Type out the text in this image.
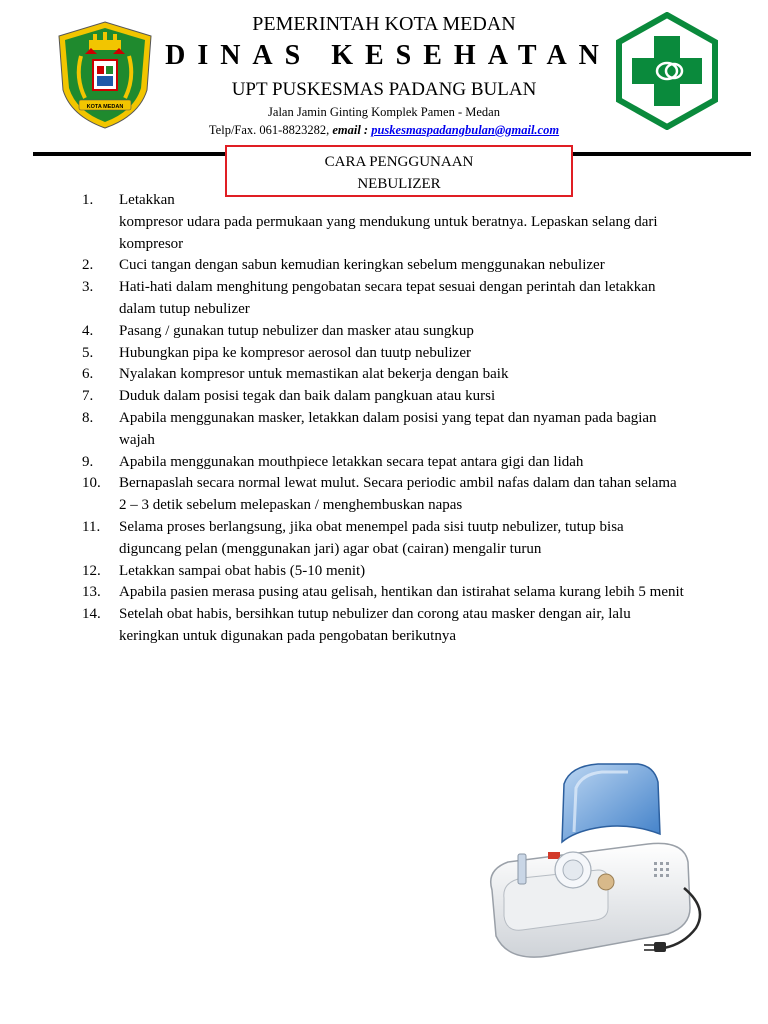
KOTA MEDAN
PEMERINTAH KOTA MEDAN
DINAS KESEHATAN
UPT PUSKESMAS PADANG BULAN
Jalan Jamin Ginting Komplek Pamen - Medan
Telp/Fax. 061-8823282, email : puskesmaspadangbulan@gmail.com
CARA PENGGUNAAN
NEBULIZER
1.	Letakkankompresor udara pada permukaan yang mendukung untuk beratnya. Lepaskan selang dari kompresor
2.	Cuci tangan dengan sabun kemudian keringkan sebelum menggunakan nebulizer
3.	Hati-hati dalam menghitung pengobatan secara tepat sesuai dengan perintah dan letakkan dalam tutup nebulizer
4.	Pasang / gunakan tutup nebulizer dan masker atau sungkup
5.	Hubungkan pipa ke kompresor aerosol dan tuutp nebulizer
6.	Nyalakan kompresor untuk memastikan alat bekerja dengan baik
7.	Duduk dalam posisi tegak dan baik dalam pangkuan atau kursi
8.	Apabila menggunakan masker, letakkan dalam posisi yang tepat dan nyaman pada bagian wajah
9.	Apabila menggunakan mouthpiece letakkan secara tepat antara gigi dan lidah
10.	Bernapaslah secara normal lewat mulut. Secara periodic ambil nafas dalam dan tahan selama 2 – 3 detik sebelum melepaskan / menghembuskan napas
11.	Selama proses berlangsung, jika obat menempel pada sisi tuutp nebulizer, tutup bisa diguncang pelan (menggunakan jari) agar obat (cairan) mengalir turun
12.	Letakkan sampai obat habis (5-10 menit)
13.	Apabila pasien merasa pusing atau gelisah, hentikan dan istirahat selama kurang lebih 5 menit
14.	Setelah obat habis, bersihkan tutup nebulizer dan corong atau masker dengan air, lalu keringkan untuk digunakan pada pengobatan berikutnya
